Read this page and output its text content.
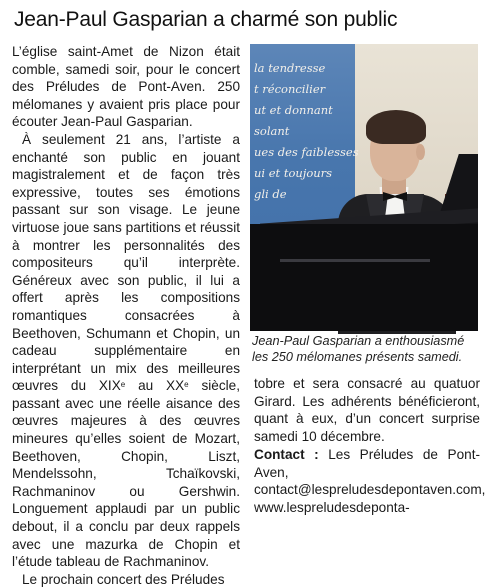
Jean-Paul Gasparian a charmé son public

L’église saint-Amet de Nizon était comble, samedi soir, pour le concert des Préludes de Pont-Aven. 250 mélomanes y avaient pris place pour écouter Jean-Paul Gasparian.

À seulement 21 ans, l’artiste a enchanté son public en jouant magistralement et de façon très expressive, toutes ses émotions passant sur son visage. Le jeune virtuose joue sans partitions et réussit à montrer les personnalités des compositeurs qu’il interprète. Généreux avec son public, il lui a offert après les compositions romantiques consacrées à Beethoven, Schumann et Chopin, un cadeau supplémentaire en interprétant un mix des meilleures œuvres du XIXe au XXe siècle, passant avec une réelle aisance des œuvres majeures à des œuvres mineures qu’elles soient de Mozart, Beethoven, Chopin, Liszt, Mendelssohn, Tchaïkovski, Rachmaninov ou Gershwin. Longuement applaudi par un public debout, il a conclu par deux rappels avec une mazurka de Chopin et l’étude tableau de Rachmaninov.

Le prochain concert des Préludes

la tendresse
t réconcilier
ut et donnant
solant
ues des faiblesses
ui et toujours
gli de
Jean-Paul Gasparian a enthousiasmé les 250 mélomanes présents samedi.
tobre et sera consacré au quatuor Girard. Les adhérents bénéficieront, quant à eux, d’un concert surprise samedi 10 décembre.
Contact : Les Préludes de Pont-Aven, contact@lespreludesdepontaven.com, www.lespreludesdeponta-
